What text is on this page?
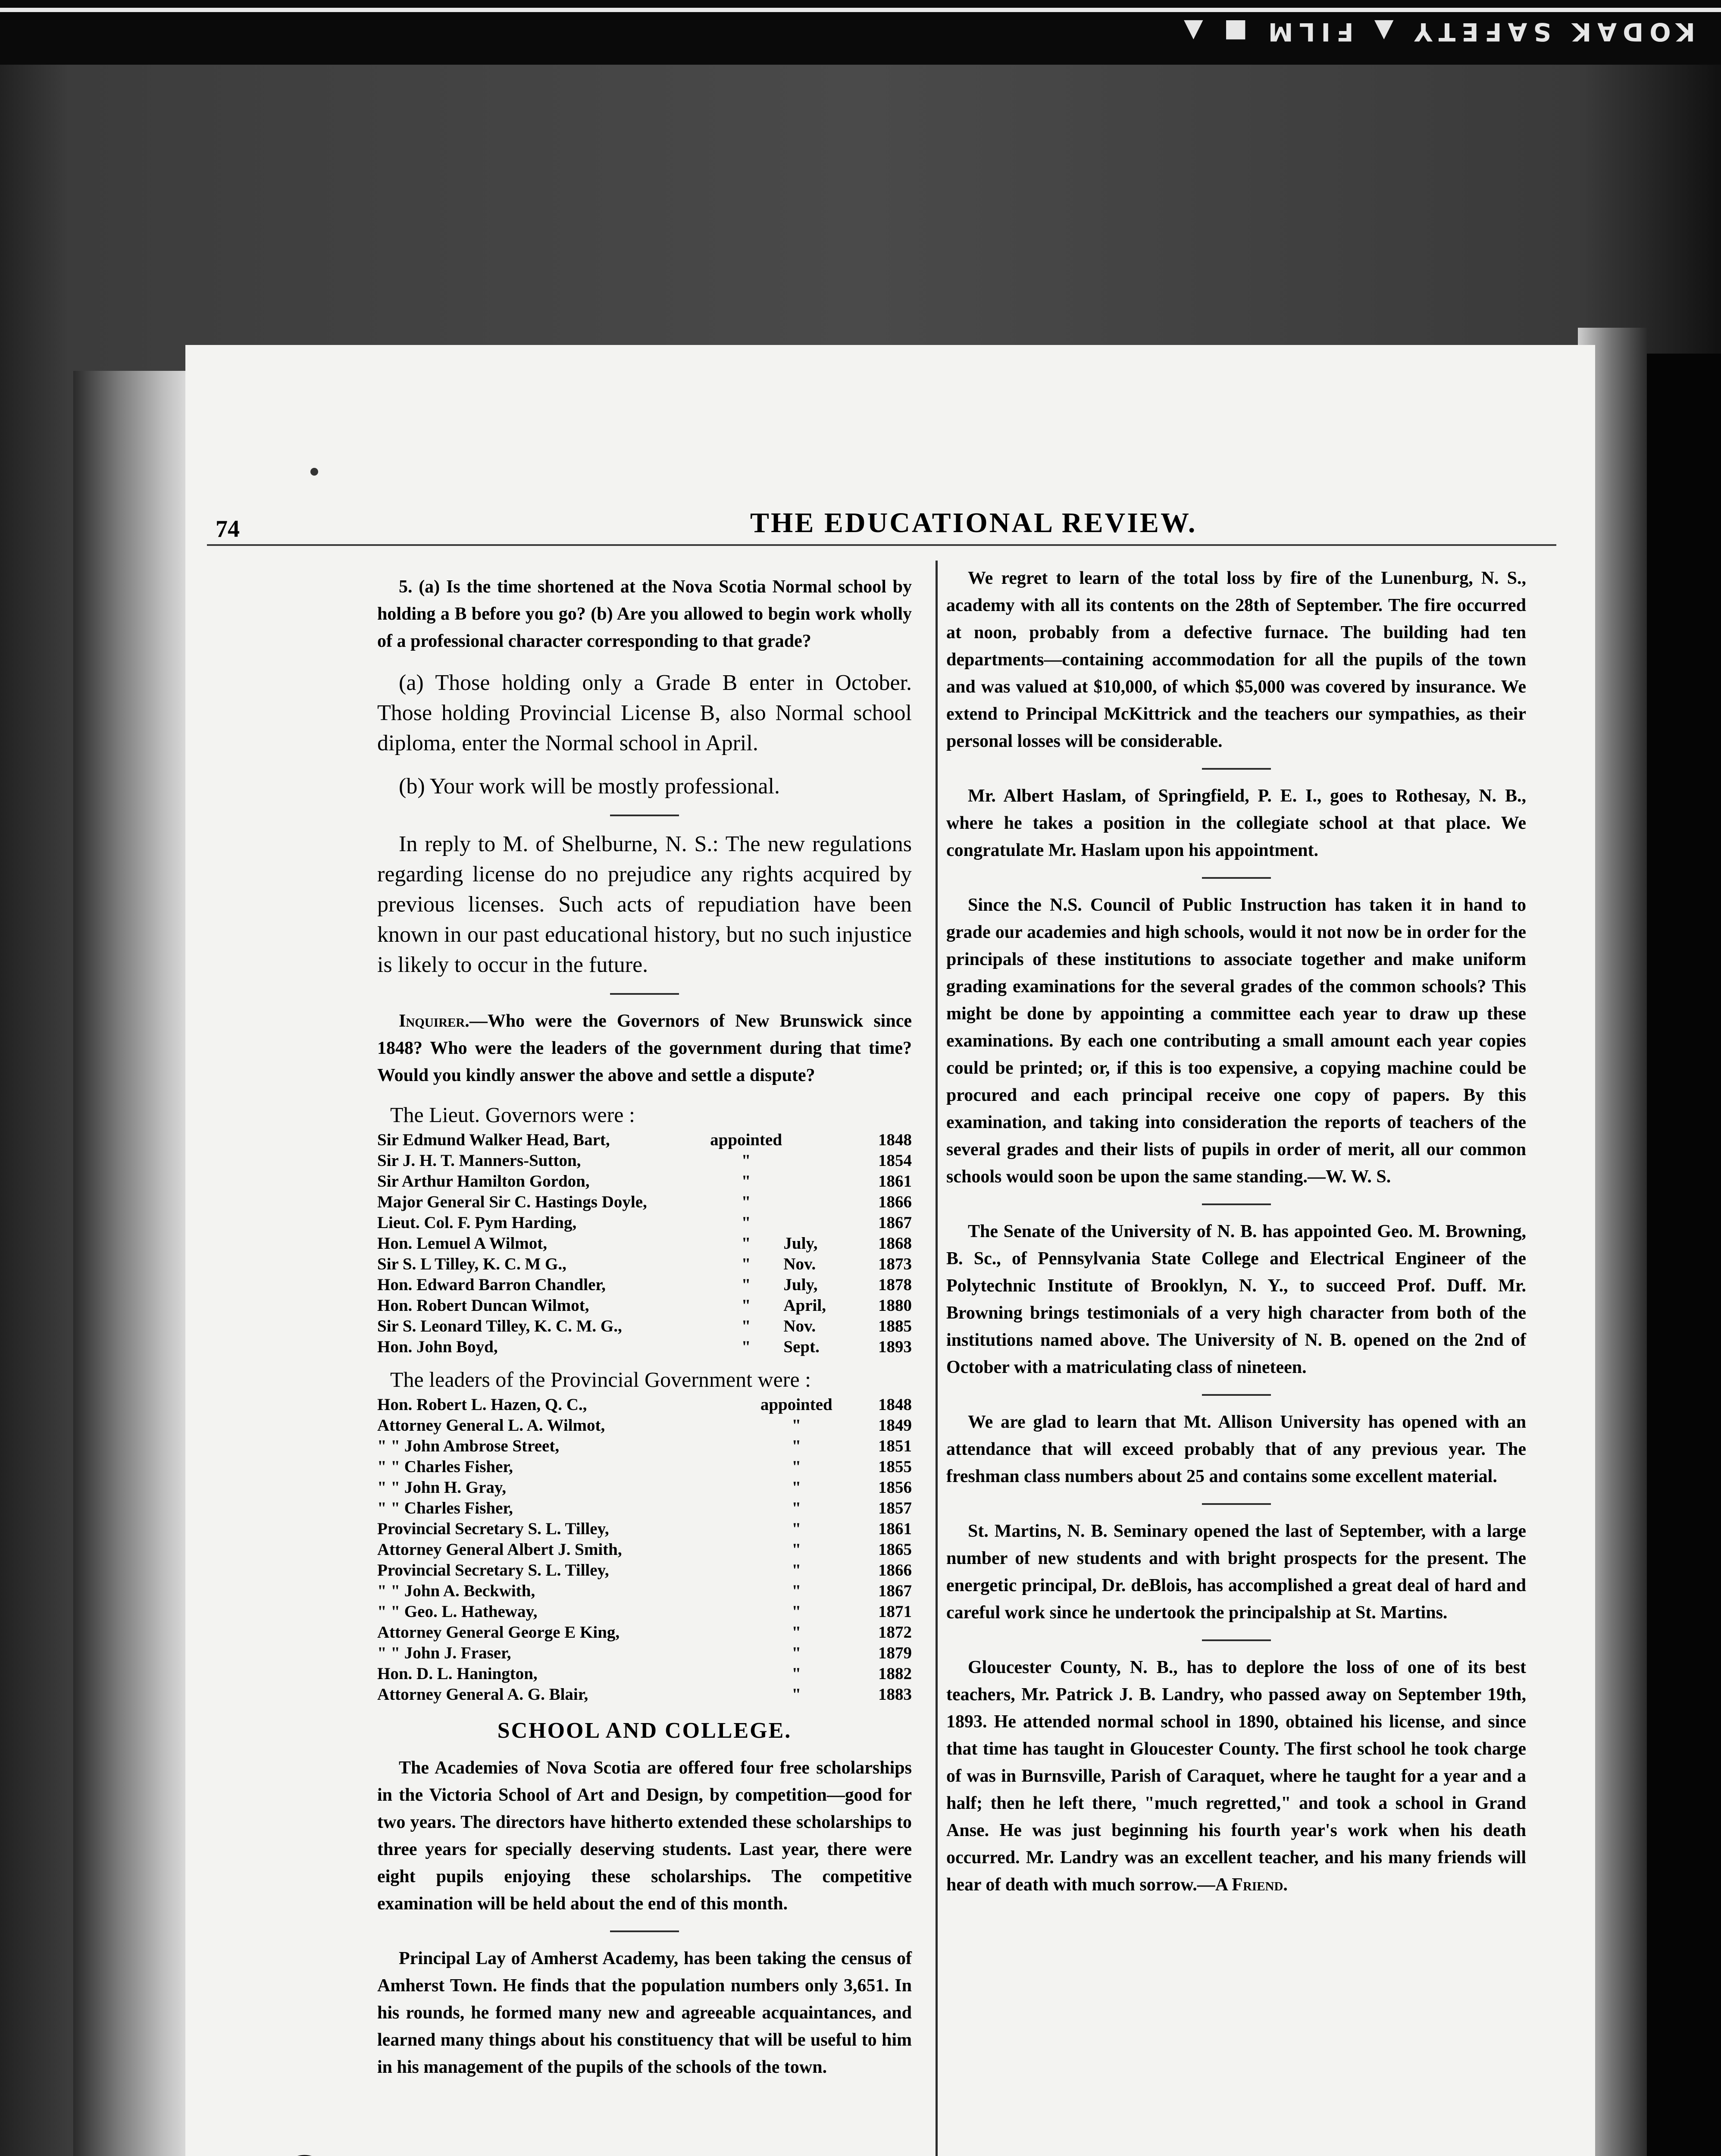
KODAK SAFETY ▲ FILM ■ ▲
74	THE EDUCATIONAL REVIEW.

5. (a) Is the time shortened at the Nova Scotia Normal school by holding a B before you go? (b) Are you allowed to begin work wholly of a professional character corresponding to that grade?

(a) Those holding only a Grade B enter in October. Those holding Provincial License B, also Normal school diploma, enter the Normal school in April.

(b) Your work will be mostly professional.

In reply to M. of Shelburne, N. S.: The new regulations regarding license do no prejudice any rights acquired by previous licenses. Such acts of repudiation have been known in our past educational history, but no such injustice is likely to occur in the future.

Inquirer.—Who were the Governors of New Brunswick since 1848? Who were the leaders of the government during that time? Would you kindly answer the above and settle a dispute?

The Lieut. Governors were :
Sir Edmund Walker Head, Bart,	appointed		1848
Sir J. H. T. Manners-Sutton,	"		1854
Sir Arthur Hamilton Gordon,	"		1861
Major General Sir C. Hastings Doyle,	"		1866
Lieut. Col. F. Pym Harding,	"		1867
Hon. Lemuel A Wilmot,	"	July,	1868
Sir S. L Tilley, K. C. M G.,	"	Nov.	1873
Hon. Edward Barron Chandler,	"	July,	1878
Hon. Robert Duncan Wilmot,	"	April,	1880
Sir S. Leonard Tilley, K. C. M. G.,	"	Nov.	1885
Hon. John Boyd,	"	Sept.	1893
The leaders of the Provincial Government were :
Hon. Robert L. Hazen, Q. C.,	appointed	1848
Attorney General L. A. Wilmot,	"	1849
" " John Ambrose Street,	"	1851
" " Charles Fisher,	"	1855
" " John H. Gray,	"	1856
" " Charles Fisher,	"	1857
Provincial Secretary S. L. Tilley,	"	1861
Attorney General Albert J. Smith,	"	1865
Provincial Secretary S. L. Tilley,	"	1866
" " John A. Beckwith,	"	1867
" " Geo. L. Hatheway,	"	1871
Attorney General George E King,	"	1872
" " John J. Fraser,	"	1879
Hon. D. L. Hanington,	"	1882
Attorney General A. G. Blair,	"	1883
SCHOOL AND COLLEGE.

The Academies of Nova Scotia are offered four free scholarships in the Victoria School of Art and Design, by competition—good for two years. The directors have hitherto extended these scholarships to three years for specially deserving students. Last year, there were eight pupils enjoying these scholarships. The competitive examination will be held about the end of this month.

Principal Lay of Amherst Academy, has been taking the census of Amherst Town. He finds that the population numbers only 3,651. In his rounds, he formed many new and agreeable acquaintances, and learned many things about his constituency that will be useful to him in his management of the pupils of the schools of the town.

We regret to learn of the total loss by fire of the Lunenburg, N. S., academy with all its contents on the 28th of September. The fire occurred at noon, probably from a defective furnace. The building had ten departments—containing accommodation for all the pupils of the town and was valued at $10,000, of which $5,000 was covered by insurance. We extend to Principal McKittrick and the teachers our sympathies, as their personal losses will be considerable.

Mr. Albert Haslam, of Springfield, P. E. I., goes to Rothesay, N. B., where he takes a position in the collegiate school at that place. We congratulate Mr. Haslam upon his appointment.

Since the N.S. Council of Public Instruction has taken it in hand to grade our academies and high schools, would it not now be in order for the principals of these institutions to associate together and make uniform grading examinations for the several grades of the common schools? This might be done by appointing a committee each year to draw up these examinations. By each one contributing a small amount each year copies could be printed; or, if this is too expensive, a copying machine could be procured and each principal receive one copy of papers. By this examination, and taking into consideration the reports of teachers of the several grades and their lists of pupils in order of merit, all our common schools would soon be upon the same standing.—W. W. S.

The Senate of the University of N. B. has appointed Geo. M. Browning, B. Sc., of Pennsylvania State College and Electrical Engineer of the Polytechnic Institute of Brooklyn, N. Y., to succeed Prof. Duff. Mr. Browning brings testimonials of a very high character from both of the institutions named above. The University of N. B. opened on the 2nd of October with a matriculating class of nineteen.

We are glad to learn that Mt. Allison University has opened with an attendance that will exceed probably that of any previous year. The freshman class numbers about 25 and contains some excellent material.

St. Martins, N. B. Seminary opened the last of September, with a large number of new students and with bright prospects for the present. The energetic principal, Dr. deBlois, has accomplished a great deal of hard and careful work since he undertook the principalship at St. Martins.

Gloucester County, N. B., has to deplore the loss of one of its best teachers, Mr. Patrick J. B. Landry, who passed away on September 19th, 1893. He attended normal school in 1890, obtained his license, and since that time has taught in Gloucester County. The first school he took charge of was in Burnsville, Parish of Caraquet, where he taught for a year and a half; then he left there, "much regretted," and took a school in Grand Anse. He was just beginning his fourth year's work when his death occurred. Mr. Landry was an excellent teacher, and his many friends will hear of death with much sorrow.—A Friend.
